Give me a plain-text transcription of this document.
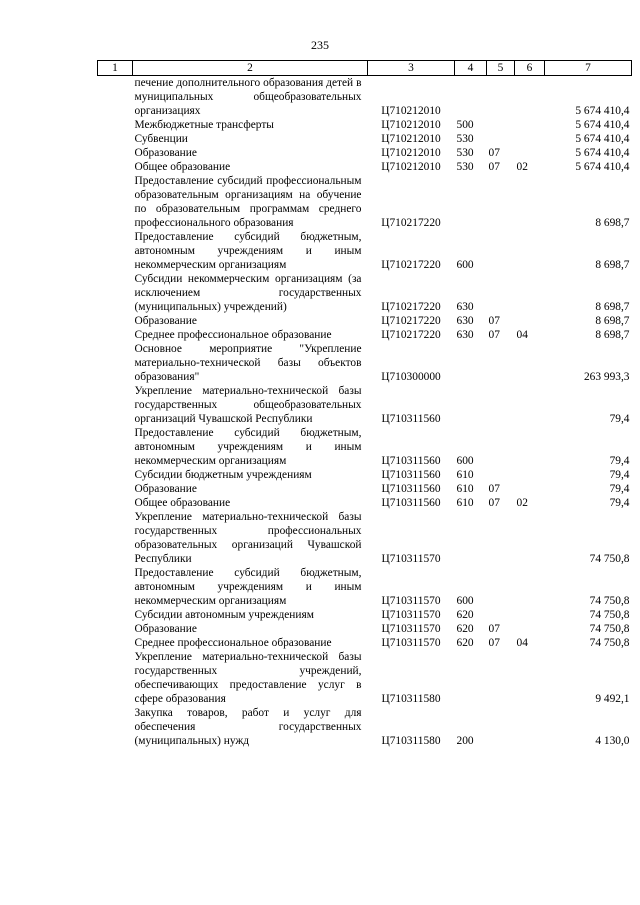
235
1	2	3	4	5	6	7
	печение дополнительного образования детей в муниципальных общеобразовательных организациях	Ц710212010				5 674 410,4
	Межбюджетные трансферты	Ц710212010	500			5 674 410,4
	Субвенции	Ц710212010	530			5 674 410,4
	Образование	Ц710212010	530	07		5 674 410,4
	Общее образование	Ц710212010	530	07	02	5 674 410,4
	Предоставление субсидий профессиональным образовательным организациям на обучение по образовательным программам среднего профессионального образования	Ц710217220				8 698,7
	Предоставление субсидий бюджетным, автономным учреждениям и иным некоммерческим организациям	Ц710217220	600			8 698,7
	Субсидии некоммерческим организациям (за исключением государственных (муниципальных) учреждений)	Ц710217220	630			8 698,7
	Образование	Ц710217220	630	07		8 698,7
	Среднее профессиональное образование	Ц710217220	630	07	04	8 698,7
	Основное мероприятие "Укрепление материально-технической базы объектов образования"	Ц710300000				263 993,3
	Укрепление материально-технической базы государственных общеобразовательных организаций Чувашской Республики	Ц710311560				79,4
	Предоставление субсидий бюджетным, автономным учреждениям и иным некоммерческим организациям	Ц710311560	600			79,4
	Субсидии бюджетным учреждениям	Ц710311560	610			79,4
	Образование	Ц710311560	610	07		79,4
	Общее образование	Ц710311560	610	07	02	79,4
	Укрепление материально-технической базы государственных профессиональных образовательных организаций Чувашской Республики	Ц710311570				74 750,8
	Предоставление субсидий бюджетным, автономным учреждениям и иным некоммерческим организациям	Ц710311570	600			74 750,8
	Субсидии автономным учреждениям	Ц710311570	620			74 750,8
	Образование	Ц710311570	620	07		74 750,8
	Среднее профессиональное образование	Ц710311570	620	07	04	74 750,8
	Укрепление материально-технической базы государственных учреждений, обеспечивающих предоставление услуг в сфере образования	Ц710311580				9 492,1
	Закупка товаров, работ и услуг для обеспечения государственных (муниципальных) нужд	Ц710311580	200			4 130,0
